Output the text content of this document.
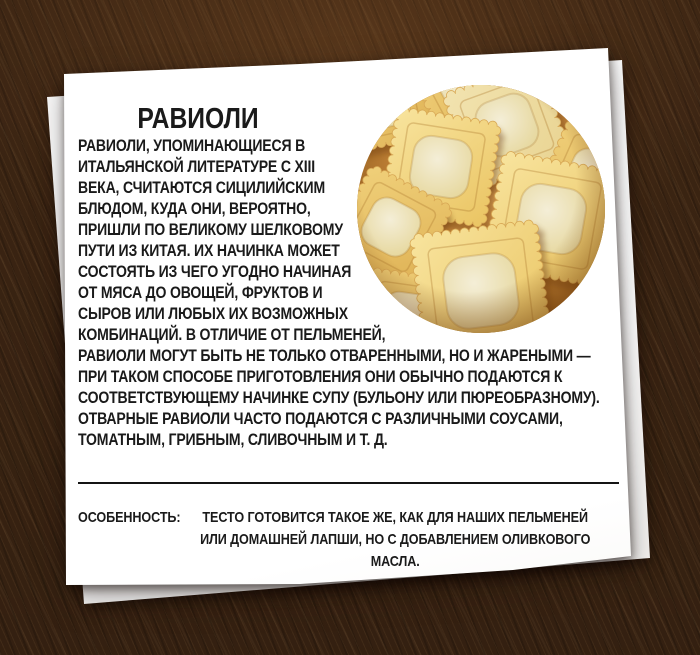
РАВИОЛИ
РАВИОЛИ, УПОМИНАЮЩИЕСЯ В ИТАЛЬЯНСКОЙ ЛИТЕРАТУРЕ С XIII ВЕКА, СЧИТАЮТСЯ СИЦИЛИЙСКИМ БЛЮДОМ, КУДА ОНИ, ВЕРОЯТНО, ПРИШЛИ ПО ВЕЛИКОМУ ШЕЛКОВОМУ ПУТИ ИЗ КИТАЯ. ИХ НАЧИНКА МОЖЕТ СОСТОЯТЬ ИЗ ЧЕГО УГОДНО НАЧИНАЯ ОТ МЯСА ДО ОВОЩЕЙ, ФРУКТОВ И СЫРОВ ИЛИ ЛЮБЫХ ИХ ВОЗМОЖНЫХ КОМБИНАЦИЙ. В ОТЛИЧИЕ ОТ ПЕЛЬМЕНЕЙ, РАВИОЛИ МОГУТ БЫТЬ НЕ ТОЛЬКО ОТВАРЕННЫМИ, НО И ЖАРЕНЫМИ — ПРИ ТАКОМ СПОСОБЕ ПРИГОТОВЛЕНИЯ ОНИ ОБЫЧНО ПОДАЮТСЯ К СООТВЕТСТВУЮЩЕМУ НАЧИНКЕ СУПУ (БУЛЬОНУ ИЛИ ПЮРЕОБРАЗНОМУ). ОТВАРНЫЕ РАВИОЛИ ЧАСТО ПОДАЮТСЯ С РАЗЛИЧНЫМИ СОУСАМИ, ТОМАТНЫМ, ГРИБНЫМ, СЛИВОЧНЫМ И Т. Д.
ОСОБЕННОСТЬ:	ТЕСТО ГОТОВИТСЯ ТАКОЕ ЖЕ, КАК ДЛЯ НАШИХ ПЕЛЬМЕНЕЙ ИЛИ ДОМАШНЕЙ ЛАПШИ, НО С ДОБАВЛЕНИЕМ ОЛИВКОВОГО МАСЛА.
